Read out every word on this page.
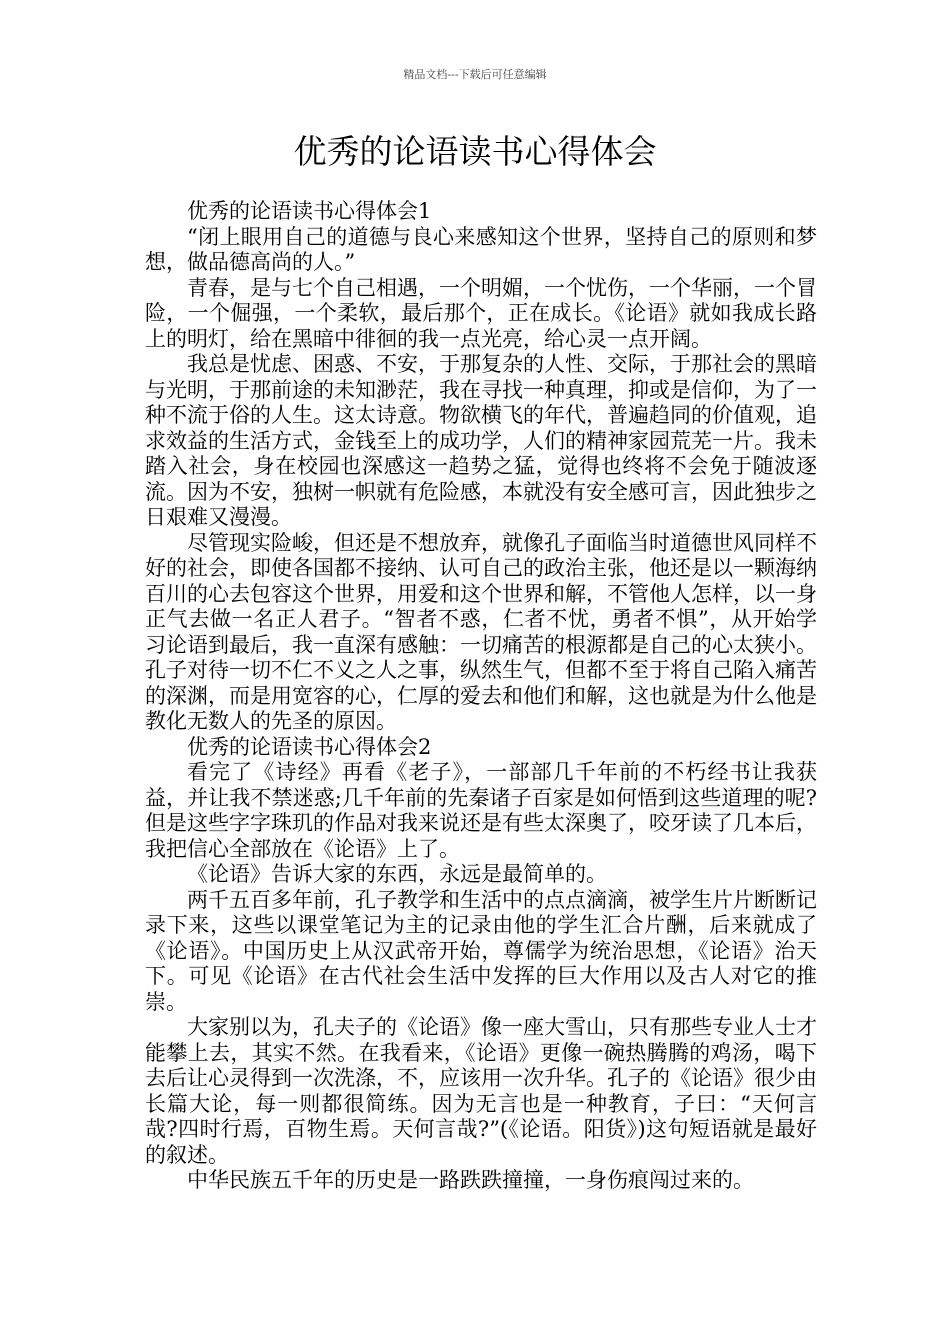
精品文档---下载后可任意编辑
优秀的论语读书心得体会

优秀的论语读书心得体会1

“闭上眼用自己的道德与良心来感知这个世界，坚持自己的原则和梦想，做品德高尚的人。”

青春，是与七个自己相遇，一个明媚，一个忧伤，一个华丽，一个冒险，一个倔强，一个柔软，最后那个，正在成长。《论语》就如我成长路上的明灯，给在黑暗中徘徊的我一点光亮，给心灵一点开阔。

我总是忧虑、困惑、不安，于那复杂的人性、交际，于那社会的黑暗与光明，于那前途的未知渺茫，我在寻找一种真理，抑或是信仰，为了一种不流于俗的人生。这太诗意。物欲横飞的年代，普遍趋同的价值观，追求效益的生活方式，金钱至上的成功学，人们的精神家园荒芜一片。我未踏入社会，身在校园也深感这一趋势之猛，觉得也终将不会免于随波逐流。因为不安，独树一帜就有危险感，本就没有安全感可言，因此独步之日艰难又漫漫。

尽管现实险峻，但还是不想放弃，就像孔子面临当时道德世风同样不好的社会，即使各国都不接纳、认可自己的政治主张，他还是以一颗海纳百川的心去包容这个世界，用爱和这个世界和解，不管他人怎样，以一身正气去做一名正人君子。“智者不惑，仁者不忧，勇者不惧”，从开始学习论语到最后，我一直深有感触：一切痛苦的根源都是自己的心太狭小。孔子对待一切不仁不义之人之事，纵然生气，但都不至于将自己陷入痛苦的深渊，而是用宽容的心，仁厚的爱去和他们和解，这也就是为什么他是教化无数人的先圣的原因。

优秀的论语读书心得体会2

看完了《诗经》再看《老子》，一部部几千年前的不朽经书让我获益，并让我不禁迷惑;几千年前的先秦诸子百家是如何悟到这些道理的呢?但是这些字字珠玑的作品对我来说还是有些太深奥了，咬牙读了几本后，我把信心全部放在《论语》上了。

《论语》告诉大家的东西，永远是最简单的。

两千五百多年前，孔子教学和生活中的点点滴滴，被学生片片断断记录下来，这些以课堂笔记为主的记录由他的学生汇合片酬，后来就成了《论语》。中国历史上从汉武帝开始，尊儒学为统治思想，《论语》治天下。可见《论语》在古代社会生活中发挥的巨大作用以及古人对它的推崇。

大家别以为，孔夫子的《论语》像一座大雪山，只有那些专业人士才能攀上去，其实不然。在我看来，《论语》更像一碗热腾腾的鸡汤，喝下去后让心灵得到一次洗涤，不，应该用一次升华。孔子的《论语》很少由长篇大论，每一则都很简练。因为无言也是一种教育，子曰：“天何言哉?四时行焉，百物生焉。天何言哉?”(《论语。阳货》)这句短语就是最好的叙述。

中华民族五千年的历史是一路跌跌撞撞，一身伤痕闯过来的。
